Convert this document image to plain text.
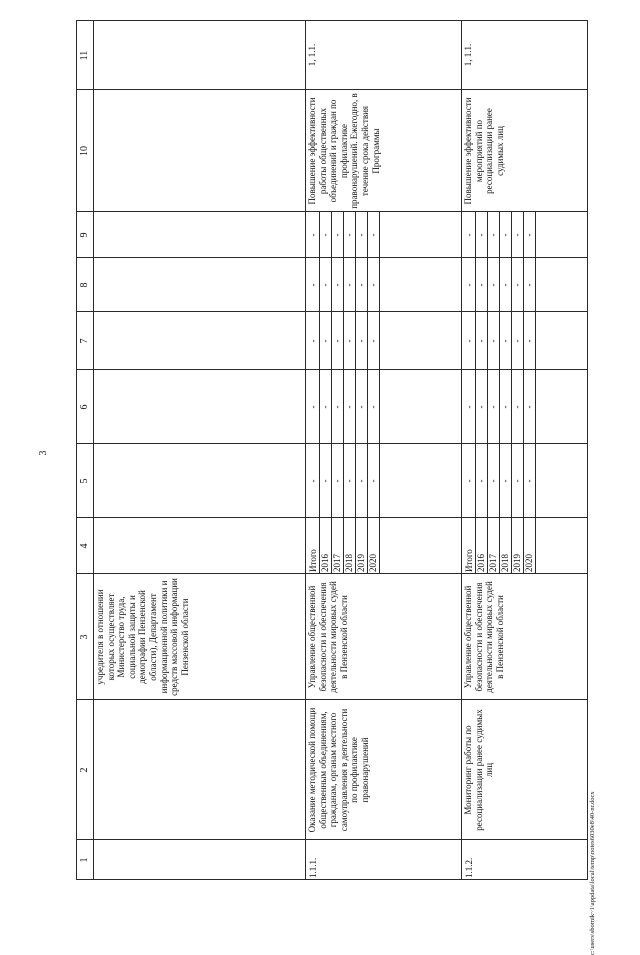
3
c:\users\sbornik~1\appdata\local\temp\notes6030e8\40-nr.docx
1
2
3
4
5
6
7
8
9
10
11
учредителя в отношении которых осуществляет Министерство труда, социальной защиты и демографии Пензенской области), Департамент информационной политики и средств массовой информации Пензенской области
1.1.1.
Оказание методической помощи общественным объединениям, гражданам, органам местного самоуправления в деятельности по профилактике правонарушений
Управление общественной безопасности и обеспечения деятельности мировых судей в Пензенской области
Итого 2016 2017 2018 2019 2020
- - - - - -
- - - - - -
- - - - - -
- - - - - -
- - - - - -
Повышение эффективности работы общественных объединений и граждан по профилактике правонарушений. Ежегодно, в течение срока действия Программы
1, 1.1.
1.1.2.
Мониторинг работы по ресоциализации ранее судимых лиц
Управление общественной безопасности и обеспечения деятельности мировых судей в Пензенской области
Итого 2016 2017 2018 2019 2020
- - - - - -
- - - - - -
- - - - - -
- - - - - -
- - - - - -
Повышение эффективности мероприятий по ресоциализации ранее судимых лиц
1, 1.1.
